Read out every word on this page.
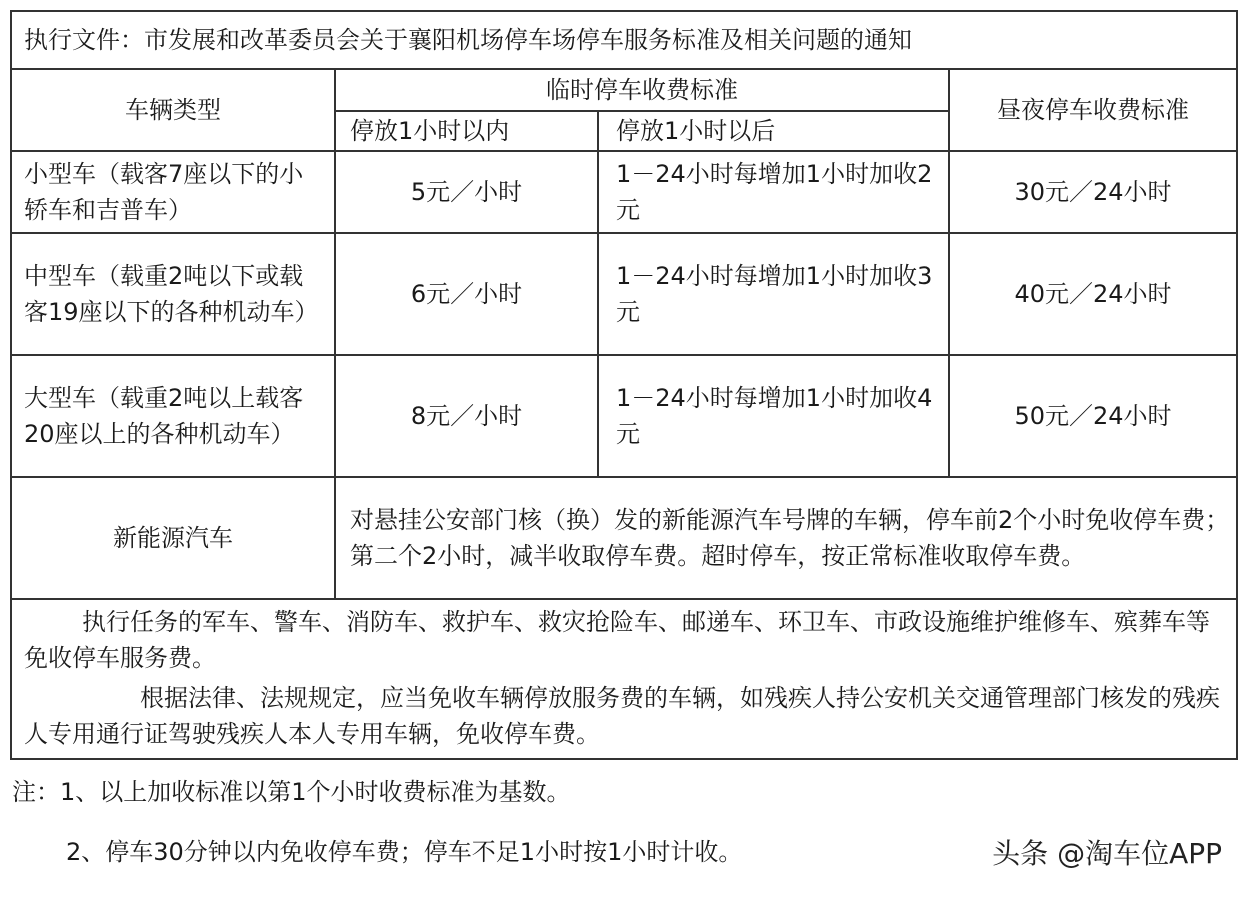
执行文件：市发展和改革委员会关于襄阳机场停车场停车服务标准及相关问题的通知
车辆类型
临时停车收费标准
停放1小时以内	停放1小时以后
昼夜停车收费标准
小型车（载客7座以下的小轿车和吉普车）
5元／小时
1－24小时每增加1小时加收2元
30元／24小时
中型车（载重2吨以下或载客19座以下的各种机动车）
6元／小时
1－24小时每增加1小时加收3元
40元／24小时
大型车（载重2吨以上载客20座以上的各种机动车）
8元／小时
1－24小时每增加1小时加收4元
50元／24小时
新能源汽车
对悬挂公安部门核（换）发的新能源汽车号牌的车辆，停车前2个小时免收停车费；第二个2小时，减半收取停车费。超时停车，按正常标准收取停车费。
执行任务的军车、警车、消防车、救护车、救灾抢险车、邮递车、环卫车、市政设施维护维修车、殡葬车等免收停车服务费。
根据法律、法规规定，应当免收车辆停放服务费的车辆，如残疾人持公安机关交通管理部门核发的残疾人专用通行证驾驶残疾人本人专用车辆，免收停车费。
注：1、以上加收标准以第1个小时收费标准为基数。
2、停车30分钟以内免收停车费；停车不足1小时按1小时计收。	头条 @淘车位APP
